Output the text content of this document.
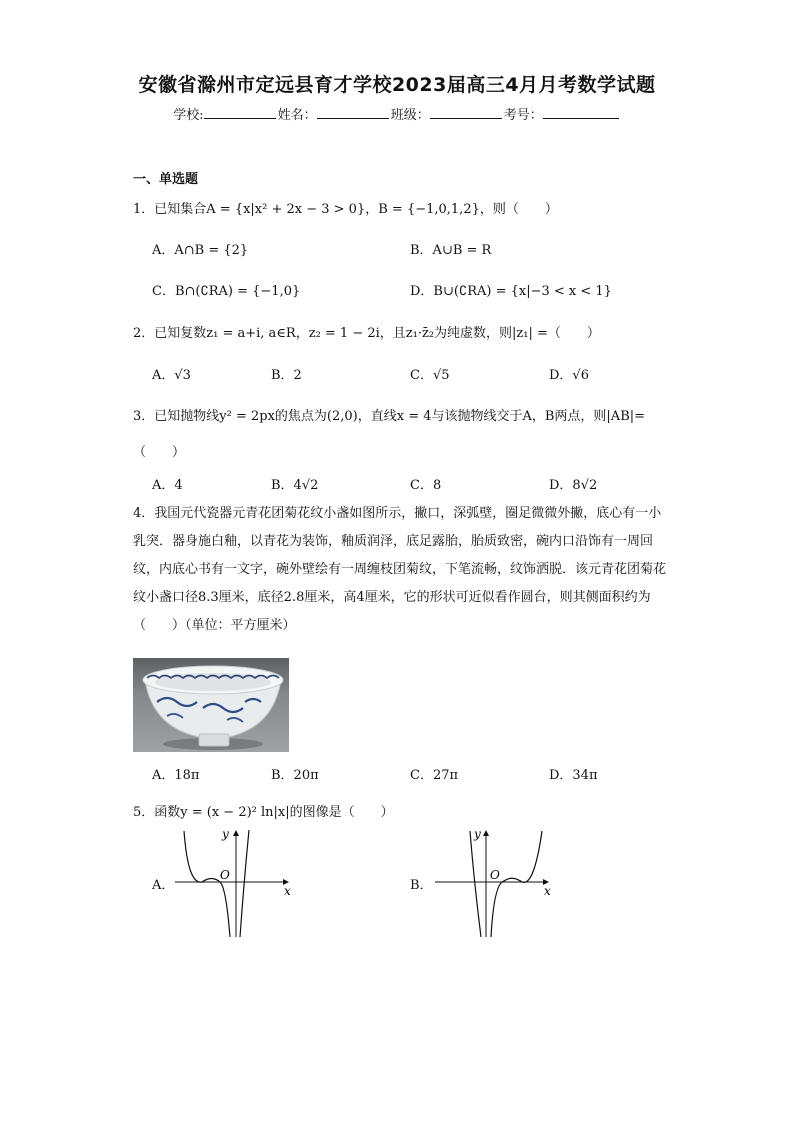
安徽省滁州市定远县育才学校2023届高三4月月考数学试题
学校:	姓名：	班级：	考号：
一、单选题
1．已知集合A = {x|x² + 2x − 3 > 0}，B = {−1,0,1,2}，则（　　）
A．A∩B = {2}	B．A∪B = R
C．B∩(∁RA) = {−1,0}	D．B∪(∁RA) = {x|−3 < x < 1}
2．已知复数z₁ = a+i, a∈R，z₂ = 1 − 2i，且z₁·z̄₂为纯虚数，则|z₁| =（　　）
A．√3	B．2	C．√5	D．√6
3．已知抛物线y² = 2px的焦点为(2,0)，直线x = 4与该抛物线交于A，B两点，则|AB|=
（　　）
A．4	B．4√2	C．8	D．8√2
4．我国元代瓷器元青花团菊花纹小盏如图所示，撇口，深弧壁，圈足微微外撇，底心有一小乳突．器身施白釉，以青花为装饰，釉质润泽，底足露胎，胎质致密，碗内口沿饰有一周回纹，内底心书有一文字，碗外壁绘有一周缠枝团菊纹，下笔流畅，纹饰洒脱．该元青花团菊花纹小盏口径8.3厘米，底径2.8厘米，高4厘米，它的形状可近似看作圆台，则其侧面积约为（　　）（单位：平方厘米）
A．18π	B．20π	C．27π	D．34π
5．函数y = (x − 2)² ln|x|的图像是（　　）
A．	x
y
O
B．	x
y
O
